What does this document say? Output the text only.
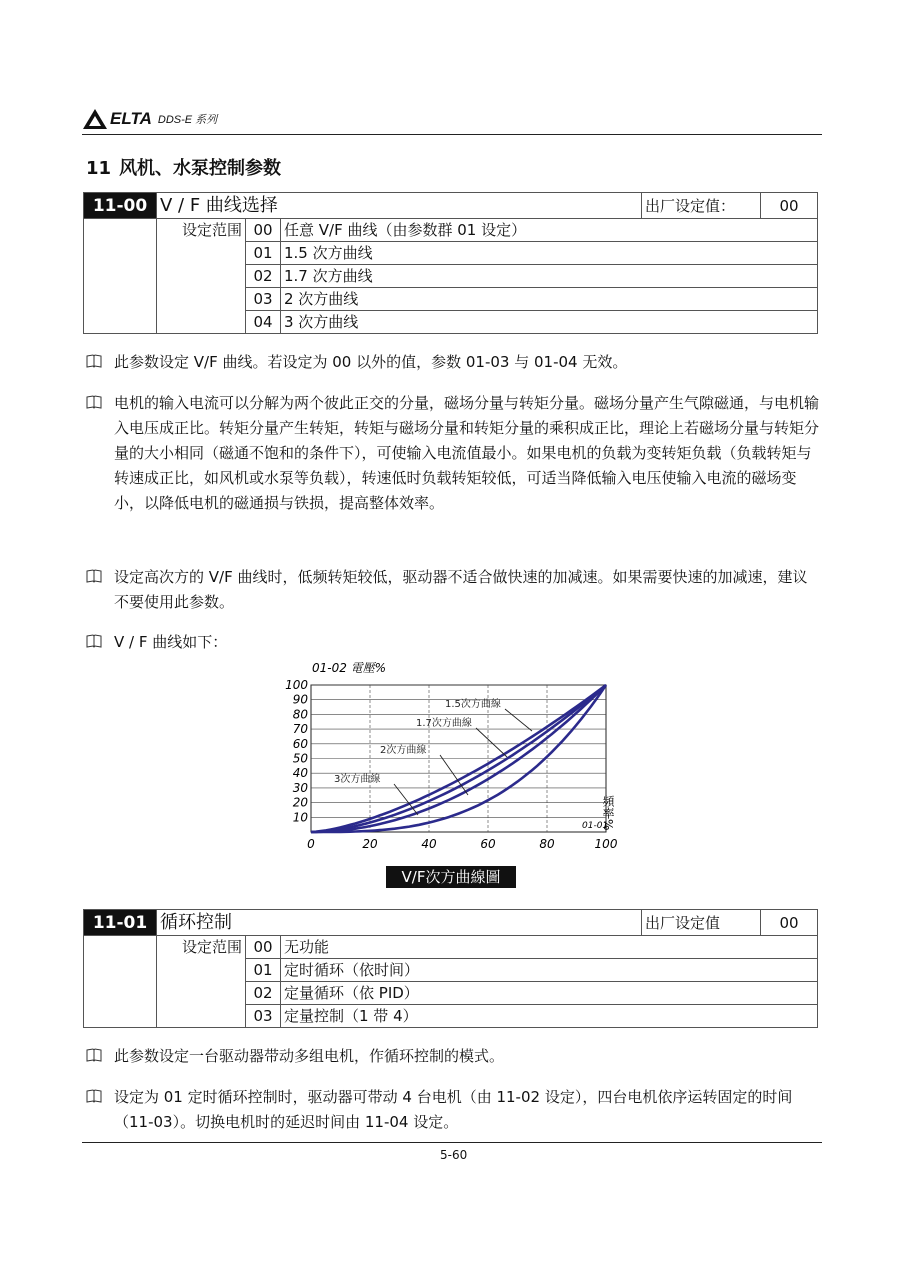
ELTA DDS-E 系列
11 风机、水泵控制参数
11-00	V / F 曲线选择			出厂设定值：	00
	设定范围	00	任意 V/F 曲线（由参数群 01 设定）		
		01	1.5 次方曲线		
		02	1.7 次方曲线		
		03	2 次方曲线		
		04	3 次方曲线		
此参数设定 V/F 曲线。若设定为 00 以外的值，参数 01-03 与 01-04 无效。
电机的输入电流可以分解为两个彼此正交的分量，磁场分量与转矩分量。磁场分量产生气隙磁通，与电机输入电压成正比。转矩分量产生转矩，转矩与磁场分量和转矩分量的乘积成正比，理论上若磁场分量与转矩分量的大小相同（磁通不饱和的条件下），可使输入电流值最小。如果电机的负载为变转矩负载（负载转矩与转速成正比，如风机或水泵等负载），转速低时负载转矩较低，可适当降低输入电压使输入电流的磁场变小，以降低电机的磁通损与铁损，提高整体效率。
设定高次方的 V/F 曲线时，低频转矩较低，驱动器不适合做快速的加减速。如果需要快速的加减速，建议不要使用此参数。
V / F 曲线如下：
01-02 電壓%
10
20
30
40
50
60
70
80
90
100
0	20	40	60	80	100
1.5次方曲線
1.7次方曲線
2次方曲線
3次方曲線
頻率%
01-01
V/F次方曲線圖
11-01	循环控制			出厂设定值	00
	设定范围	00	无功能		
		01	定时循环（依时间）		
		02	定量循环（依 PID）		
		03	定量控制（1 带 4）		
此参数设定一台驱动器带动多组电机，作循环控制的模式。
设定为 01 定时循环控制时，驱动器可带动 4 台电机（由 11-02 设定），四台电机依序运转固定的时间（11-03）。切换电机时的延迟时间由 11-04 设定。
5-60
